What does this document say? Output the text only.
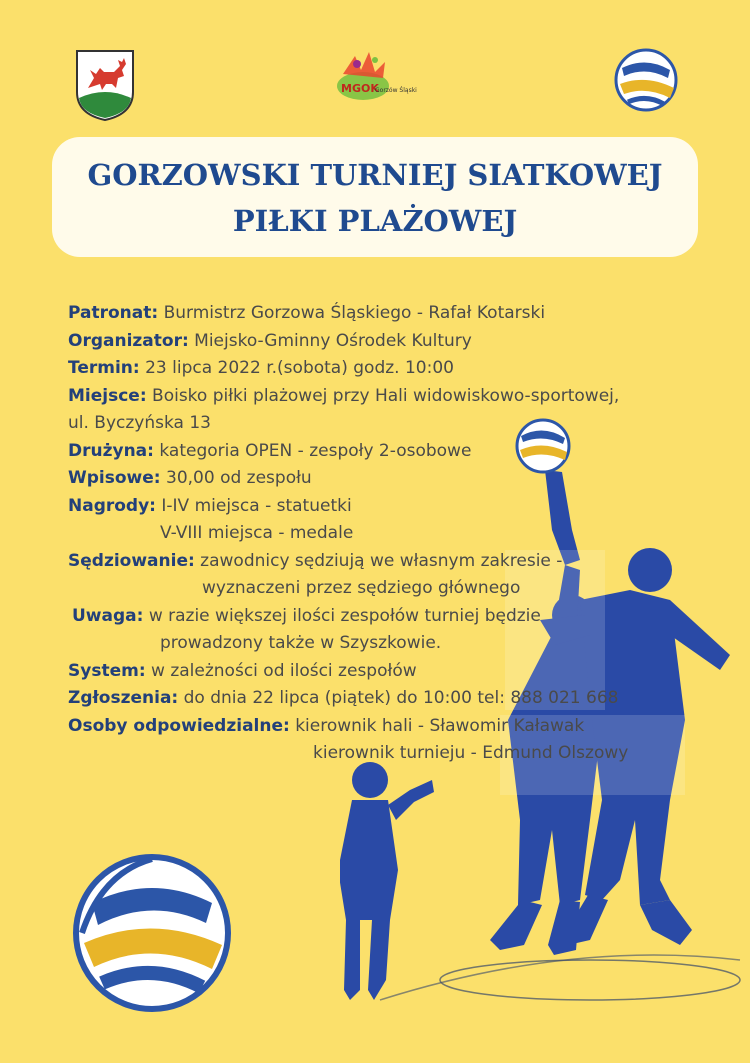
MGOK
Gorzów Śląski
GORZOWSKI TURNIEJ SIATKOWEJ
PIŁKI PLAŻOWEJ
Patronat: Burmistrz Gorzowa Śląskiego - Rafał Kotarski
Organizator: Miejsko-Gminny Ośrodek Kultury
Termin: 23 lipca 2022 r.(sobota) godz. 10:00
Miejsce: Boisko piłki plażowej przy Hali widowiskowo-sportowej,
ul. Byczyńska 13
Drużyna: kategoria OPEN - zespoły 2-osobowe
Wpisowe: 30,00 od zespołu
Nagrody: I-IV miejsca - statuetki
V-VIII miejsca - medale
Sędziowanie: zawodnicy sędziują we własnym zakresie -
wyznaczeni przez sędziego głównego
Uwaga: w razie większej ilości zespołów turniej będzie
prowadzony także w Szyszkowie.
System: w zależności od ilości zespołów
Zgłoszenia: do dnia 22 lipca (piątek) do 10:00 tel: 888 021 668
Osoby odpowiedzialne: kierownik hali - Sławomir Kaławak
kierownik turnieju - Edmund Olszowy
